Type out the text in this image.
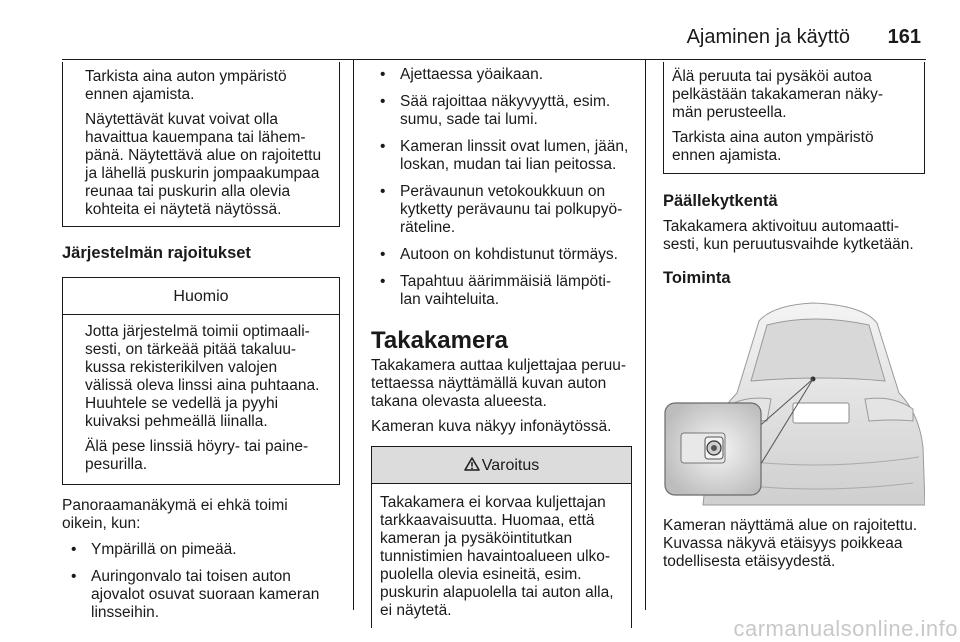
Ajaminen ja käyttö 161

Tarkista aina auton ympäristö
ennen ajamista.

Näytettävät kuvat voivat olla
havaittua kauempana tai lähem-
pänä. Näytettävä alue on rajoitettu
ja lähellä puskurin jompaakumpaa
reunaa tai puskurin alla olevia
kohteita ei näytetä näytössä.

Järjestelmän rajoitukset
Huomio

Jotta järjestelmä toimii optimaali-
sesti, on tärkeää pitää takaluu-
kussa rekisterikilven valojen
välissä oleva linssi aina puhtaana.
Huuhtele se vedellä ja pyyhi
kuivaksi pehmeällä liinalla.

Älä pese linssiä höyry- tai paine-
pesurilla.

Panoraamanäkymä ei ehkä toimi
oikein, kun:

• Ympärillä on pimeää.
• Auringonvalo tai toisen auton
ajovalot osuvat suoraan kameran
linsseihin.
• Ajettaessa yöaikaan.
• Sää rajoittaa näkyvyyttä, esim.
sumu, sade tai lumi.
• Kameran linssit ovat lumen, jään,
loskan, mudan tai lian peitossa.
• Perävaunun vetokoukkuun on
kytketty perävaunu tai polkupyö-
räteline.
• Autoon on kohdistunut törmäys.
• Tapahtuu äärimmäisiä lämpöti-
lan vaihteluita.
Takakamera

Takakamera auttaa kuljettajaa peruu-
tettaessa näyttämällä kuvan auton
takana olevasta alueesta.

Kameran kuva näkyy infonäytössä.

Varoitus

Takakamera ei korvaa kuljettajan
tarkkaavaisuutta. Huomaa, että
kameran ja pysäköintitutkan
tunnistimien havaintoalueen ulko-
puolella olevia esineitä, esim.
puskurin alapuolella tai auton alla,
ei näytetä.

Älä peruuta tai pysäköi autoa
pelkästään takakameran näky-
män perusteella.

Tarkista aina auton ympäristö
ennen ajamista.

Päällekytkentä

Takakamera aktivoituu automaatti-
sesti, kun peruutusvaihde kytketään.

Toiminta

Kameran näyttämä alue on rajoitettu.
Kuvassa näkyvä etäisyys poikkeaa
todellisesta etäisyydestä.

carmanualsonline.info
